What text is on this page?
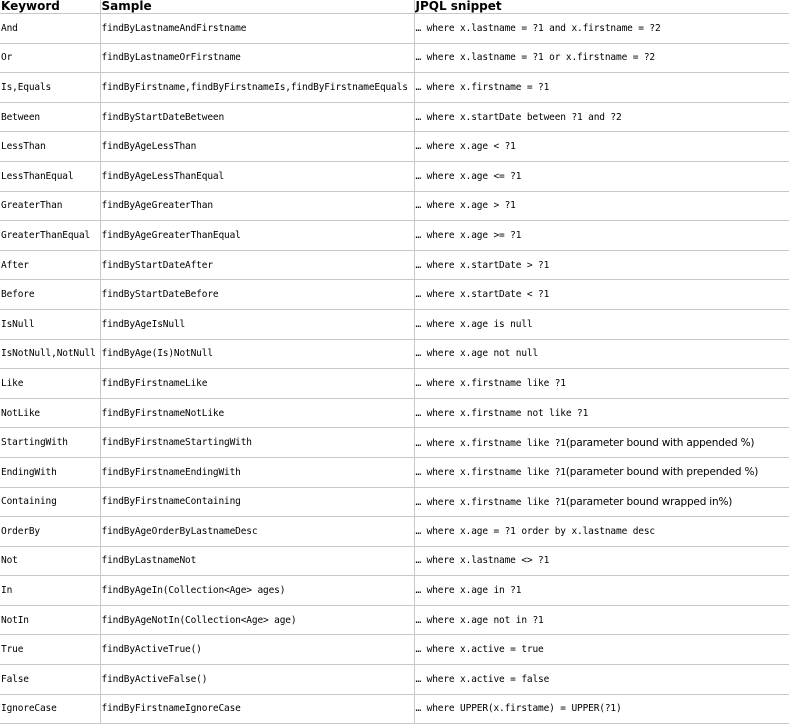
Keyword	Sample	JPQL snippet
And	findByLastnameAndFirstname	… where x.lastname = ?1 and x.firstname = ?2
Or	findByLastnameOrFirstname	… where x.lastname = ?1 or x.firstname = ?2
Is,Equals	findByFirstname,findByFirstnameIs,findByFirstnameEquals	… where x.firstname = ?1
Between	findByStartDateBetween	… where x.startDate between ?1 and ?2
LessThan	findByAgeLessThan	… where x.age < ?1
LessThanEqual	findByAgeLessThanEqual	… where x.age <= ?1
GreaterThan	findByAgeGreaterThan	… where x.age > ?1
GreaterThanEqual	findByAgeGreaterThanEqual	… where x.age >= ?1
After	findByStartDateAfter	… where x.startDate > ?1
Before	findByStartDateBefore	… where x.startDate < ?1
IsNull	findByAgeIsNull	… where x.age is null
IsNotNull,NotNull	findByAge(Is)NotNull	… where x.age not null
Like	findByFirstnameLike	… where x.firstname like ?1
NotLike	findByFirstnameNotLike	… where x.firstname not like ?1
StartingWith	findByFirstnameStartingWith	… where x.firstname like ?1(parameter bound with appended %)
EndingWith	findByFirstnameEndingWith	… where x.firstname like ?1(parameter bound with prepended %)
Containing	findByFirstnameContaining	… where x.firstname like ?1(parameter bound wrapped in%)
OrderBy	findByAgeOrderByLastnameDesc	… where x.age = ?1 order by x.lastname desc
Not	findByLastnameNot	… where x.lastname <> ?1
In	findByAgeIn(Collection<Age> ages)	… where x.age in ?1
NotIn	findByAgeNotIn(Collection<Age> age)	… where x.age not in ?1
True	findByActiveTrue()	… where x.active = true
False	findByActiveFalse()	… where x.active = false
IgnoreCase	findByFirstnameIgnoreCase	… where UPPER(x.firstame) = UPPER(?1)
